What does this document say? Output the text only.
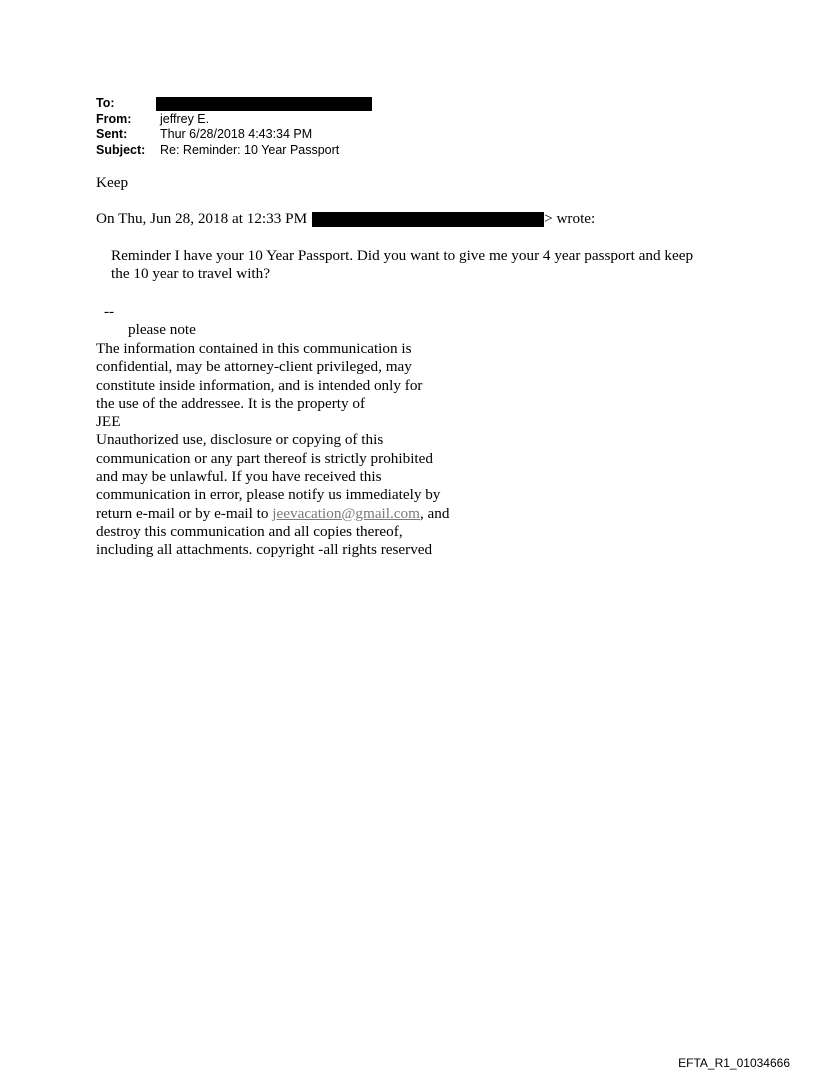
To:
From:	jeffrey E.
Sent:	Thur 6/28/2018 4:43:34 PM
Subject:	Re: Reminder: 10 Year Passport
Keep
On Thu, Jun 28, 2018 at 12:33 PM	> wrote:
Reminder I have your 10 Year Passport. Did you want to give me your 4 year passport and keep the 10 year to travel with?
--
please note
The information contained in this communication is
confidential, may be attorney-client privileged, may
constitute inside information, and is intended only for
the use of the addressee. It is the property of
JEE
Unauthorized use, disclosure or copying of this
communication or any part thereof is strictly prohibited
and may be unlawful. If you have received this
communication in error, please notify us immediately by
return e-mail or by e-mail to jeevacation@gmail.com, and
destroy this communication and all copies thereof,
including all attachments. copyright -all rights reserved
EFTA_R1_01034666
